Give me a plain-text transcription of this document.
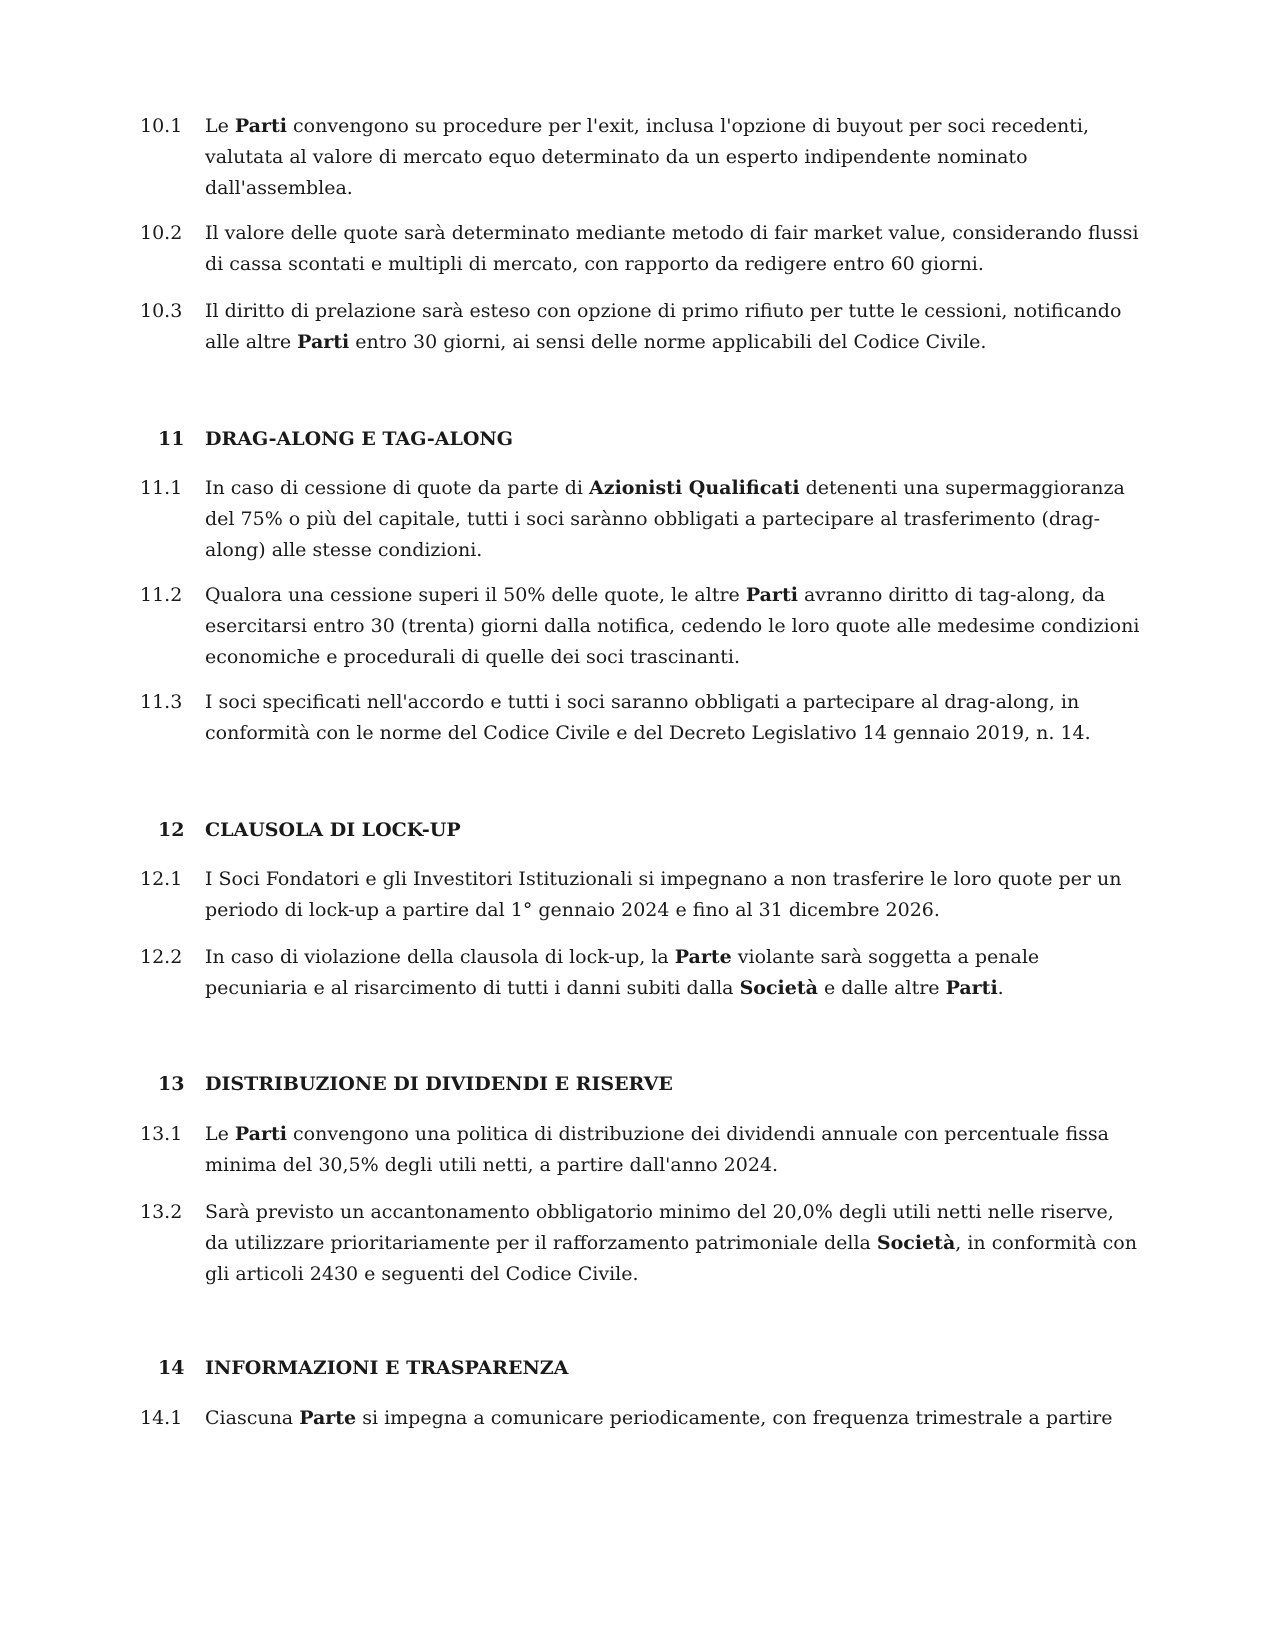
10.1	Le Parti convengono su procedure per l'exit, inclusa l'opzione di buyout per soci recedenti, valutata al valore di mercato equo determinato da un esperto indipendente nominato dall'assemblea.
10.2	Il valore delle quote sarà determinato mediante metodo di fair market value, considerando flussi di cassa scontati e multipli di mercato, con rapporto da redigere entro 60 giorni.
10.3	Il diritto di prelazione sarà esteso con opzione di primo rifiuto per tutte le cessioni, notificando alle altre Parti entro 30 giorni, ai sensi delle norme applicabili del Codice Civile.
11 DRAG-ALONG E TAG-ALONG
11.1	In caso di cessione di quote da parte di Azionisti Qualificati detenenti una supermaggioranza del 75% o più del capitale, tutti i soci sarànno obbligati a partecipare al trasferimento (drag-along) alle stesse condizioni.
11.2	Qualora una cessione superi il 50% delle quote, le altre Parti avranno diritto di tag-along, da esercitarsi entro 30 (trenta) giorni dalla notifica, cedendo le loro quote alle medesime condizioni economiche e procedurali di quelle dei soci trascinanti.
11.3	I soci specificati nell'accordo e tutti i soci saranno obbligati a partecipare al drag-along, in conformità con le norme del Codice Civile e del Decreto Legislativo 14 gennaio 2019, n. 14.
12 CLAUSOLA DI LOCK-UP
12.1	I Soci Fondatori e gli Investitori Istituzionali si impegnano a non trasferire le loro quote per un periodo di lock-up a partire dal 1° gennaio 2024 e fino al 31 dicembre 2026.
12.2	In caso di violazione della clausola di lock-up, la Parte violante sarà soggetta a penale pecuniaria e al risarcimento di tutti i danni subiti dalla Società e dalle altre Parti.
13 DISTRIBUZIONE DI DIVIDENDI E RISERVE
13.1	Le Parti convengono una politica di distribuzione dei dividendi annuale con percentuale fissa minima del 30,5% degli utili netti, a partire dall'anno 2024.
13.2	Sarà previsto un accantonamento obbligatorio minimo del 20,0% degli utili netti nelle riserve, da utilizzare prioritariamente per il rafforzamento patrimoniale della Società, in conformità con gli articoli 2430 e seguenti del Codice Civile.
14 INFORMAZIONI E TRASPARENZA
14.1	Ciascuna Parte si impegna a comunicare periodicamente, con frequenza trimestrale a partire
